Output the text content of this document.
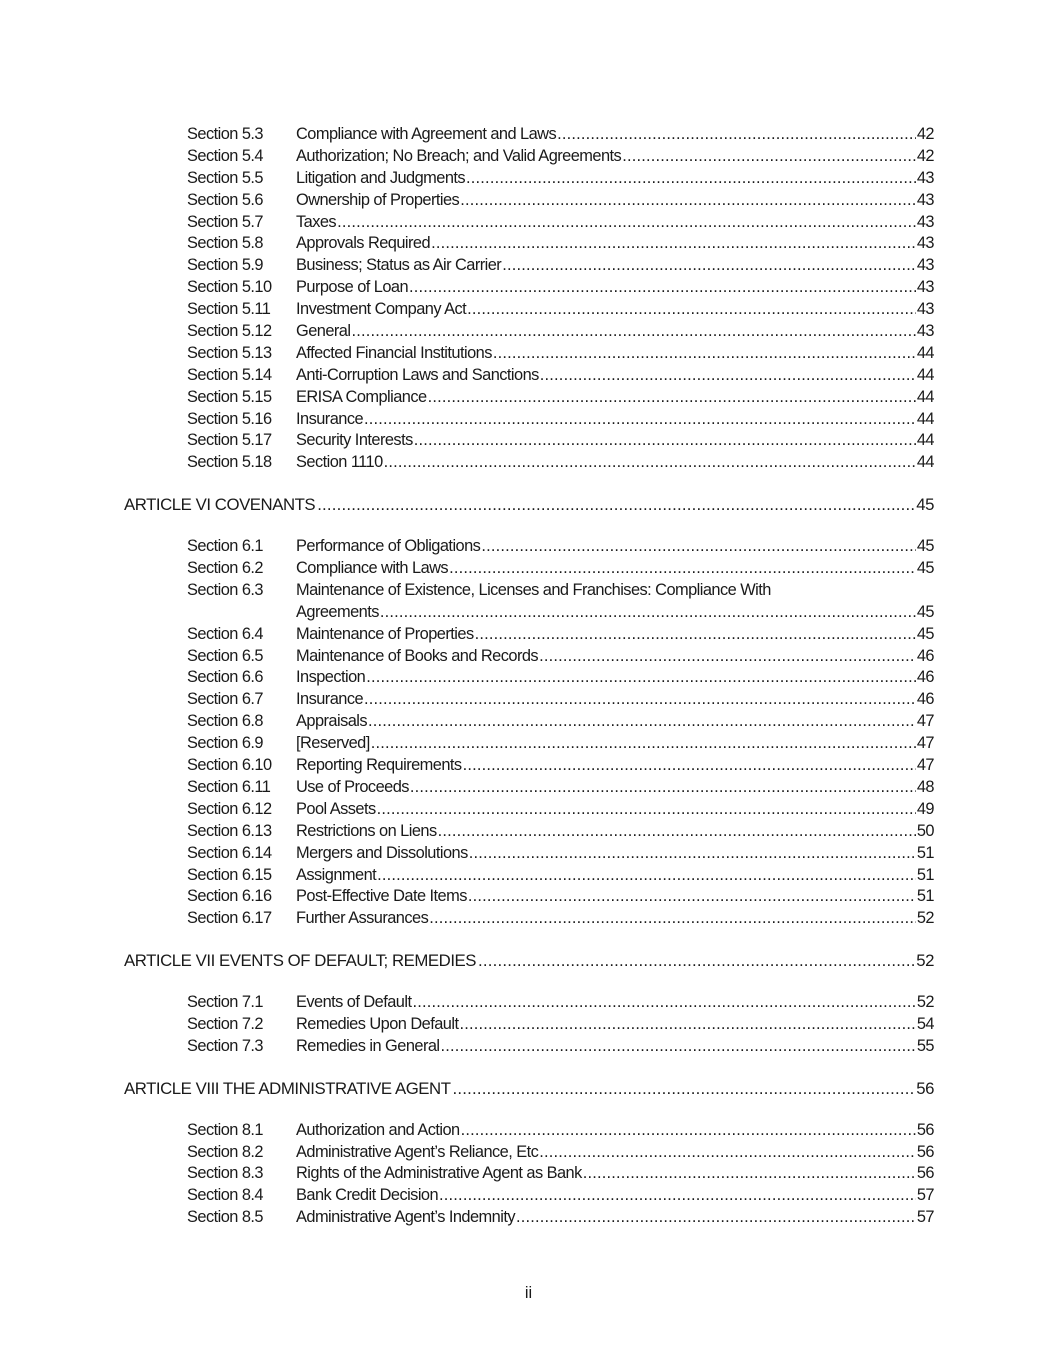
Section 5.3 Compliance with Agreement and Laws .....	42
Section 5.4 Authorization; No Breach; and Valid Agreements .....	42
Section 5.5 Litigation and Judgments .....	43
Section 5.6 Ownership of Properties .....	43
Section 5.7 Taxes .....	43
Section 5.8 Approvals Required .....	43
Section 5.9 Business; Status as Air Carrier .....	43
Section 5.10 Purpose of Loan .....	43
Section 5.11 Investment Company Act .....	43
Section 5.12 General .....	43
Section 5.13 Affected Financial Institutions .....	44
Section 5.14 Anti-Corruption Laws and Sanctions .....	44
Section 5.15 ERISA Compliance .....	44
Section 5.16 Insurance .....	44
Section 5.17 Security Interests .....	44
Section 5.18 Section 1110 .....	44
ARTICLE VI COVENANTS .....	45
Section 6.1 Performance of Obligations .....	45
Section 6.2 Compliance with Laws .....	45
Section 6.3 Maintenance of Existence, Licenses and Franchises: Compliance With
Agreements .....	45
Section 6.4 Maintenance of Properties .....	45
Section 6.5 Maintenance of Books and Records .....	46
Section 6.6 Inspection .....	46
Section 6.7 Insurance .....	46
Section 6.8 Appraisals .....	47
Section 6.9 [Reserved] .....	47
Section 6.10 Reporting Requirements .....	47
Section 6.11 Use of Proceeds .....	48
Section 6.12 Pool Assets .....	49
Section 6.13 Restrictions on Liens .....	50
Section 6.14 Mergers and Dissolutions .....	51
Section 6.15 Assignment .....	51
Section 6.16 Post-Effective Date Items .....	51
Section 6.17 Further Assurances .....	52
ARTICLE VII EVENTS OF DEFAULT; REMEDIES .....	52
Section 7.1 Events of Default .....	52
Section 7.2 Remedies Upon Default .....	54
Section 7.3 Remedies in General .....	55
ARTICLE VIII THE ADMINISTRATIVE AGENT .....	56
Section 8.1 Authorization and Action .....	56
Section 8.2 Administrative Agent’s Reliance, Etc .....	56
Section 8.3 Rights of the Administrative Agent as Bank .....	56
Section 8.4 Bank Credit Decision .....	57
Section 8.5 Administrative Agent’s Indemnity .....	57
ii
